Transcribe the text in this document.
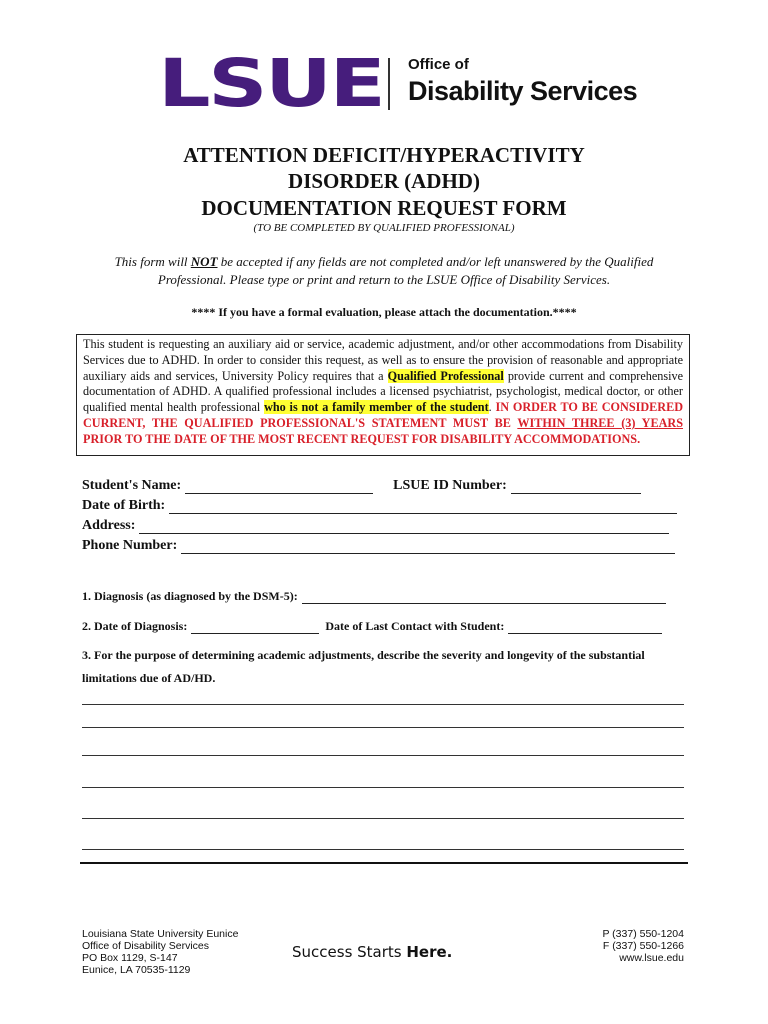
LSUE Office of
Disability Services
ATTENTION DEFICIT/HYPERACTIVITY
DISORDER (ADHD)
DOCUMENTATION REQUEST FORM
(TO BE COMPLETED BY QUALIFIED PROFESSIONAL)
This form will NOT be accepted if any fields are not completed and/or left unanswered by the Qualified Professional. Please type or print and return to the LSUE Office of Disability Services.
**** If you have a formal evaluation, please attach the documentation.****
This student is requesting an auxiliary aid or service, academic adjustment, and/or other accommodations from Disability Services due to ADHD. In order to consider this request, as well as to ensure the provision of reasonable and appropriate auxiliary aids and services, University Policy requires that a Qualified Professional provide current and comprehensive documentation of ADHD. A qualified professional includes a licensed psychiatrist, psychologist, medical doctor, or other qualified mental health professional who is not a family member of the student. IN ORDER TO BE CONSIDERED CURRENT, THE QUALIFIED PROFESSIONAL'S STATEMENT MUST BE WITHIN THREE (3) YEARS PRIOR TO THE DATE OF THE MOST RECENT REQUEST FOR DISABILITY ACCOMMODATIONS.
Student's Name:	LSUE ID Number:
Date of Birth:
Address:
Phone Number:
1. Diagnosis (as diagnosed by the DSM-5):
2. Date of Diagnosis:	Date of Last Contact with Student:
3. For the purpose of determining academic adjustments, describe the severity and longevity of the substantial
limitations due of AD/HD.
Louisiana State University Eunice
Office of Disability Services
PO Box 1129, S-147
Eunice, LA 70535-1129
Success Starts Here.
P (337) 550-1204
F (337) 550-1266
www.lsue.edu
